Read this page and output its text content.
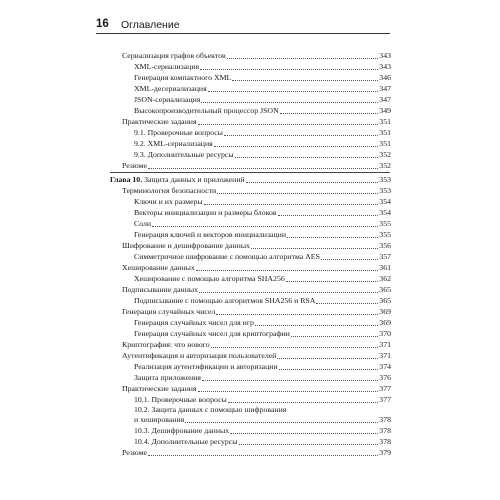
16 Оглавление
Сериализация графов объектов	343
XML-сериализация	343
Генерация компактного XML	346
XML-десериализация	347
JSON-сериализация	347
Высокопроизводительный процессор JSON	349
Практические задания	351
9.1. Проверочные вопросы	351
9.2. XML-сериализация	351
9.3. Дополнительные ресурсы	352
Резюме	352
Глава 10. Защита данных и приложений	353
Терминология безопасности	353
Ключи и их размеры	354
Векторы инициализации и размеры блоков	354
Соли	355
Генерация ключей и векторов инициализации	355
Шифрование и дешифрование данных	356
Симметричное шифрование с помощью алгоритма AES	357
Хеширование данных	361
Хеширование с помощью алгоритма SHA256	362
Подписывание данных	365
Подписывание с помощью алгоритмов SHA256 и RSA	365
Генерация случайных чисел	369
Генерация случайных чисел для игр	369
Генерация случайных чисел для криптографии	370
Криптография: что нового	371
Аутентификация и авторизация пользователей	371
Реализация аутентификации и авторизации	374
Защита приложения	376
Практические задания	377
10.1. Проверочные вопросы	377
10.2. Защита данных с помощью шифрования
и хеширования	378
10.3. Дешифрование данных	378
10.4. Дополнительные ресурсы	378
Резюме	379
